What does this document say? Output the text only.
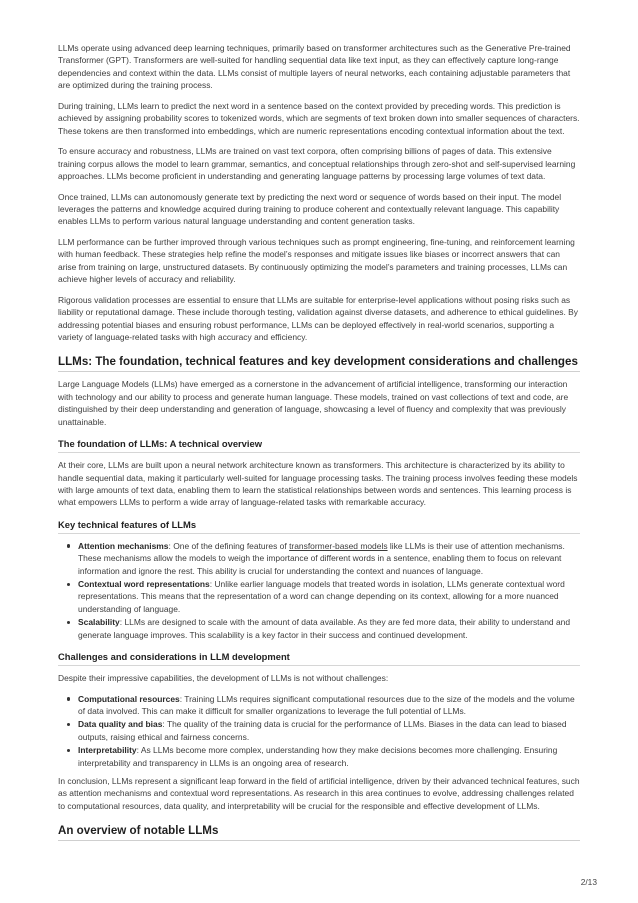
LLMs operate using advanced deep learning techniques, primarily based on transformer architectures such as the Generative Pre-trained Transformer (GPT). Transformers are well-suited for handling sequential data like text input, as they can effectively capture long-range dependencies and context within the data. LLMs consist of multiple layers of neural networks, each containing adjustable parameters that are optimized during the training process.

During training, LLMs learn to predict the next word in a sentence based on the context provided by preceding words. This prediction is achieved by assigning probability scores to tokenized words, which are segments of text broken down into smaller sequences of characters. These tokens are then transformed into embeddings, which are numeric representations encoding contextual information about the text.

To ensure accuracy and robustness, LLMs are trained on vast text corpora, often comprising billions of pages of data. This extensive training corpus allows the model to learn grammar, semantics, and conceptual relationships through zero-shot and self-supervised learning approaches. LLMs become proficient in understanding and generating language patterns by processing large volumes of text data.

Once trained, LLMs can autonomously generate text by predicting the next word or sequence of words based on their input. The model leverages the patterns and knowledge acquired during training to produce coherent and contextually relevant language. This capability enables LLMs to perform various natural language understanding and content generation tasks.

LLM performance can be further improved through various techniques such as prompt engineering, fine-tuning, and reinforcement learning with human feedback. These strategies help refine the model’s responses and mitigate issues like biases or incorrect answers that can arise from training on large, unstructured datasets. By continuously optimizing the model’s parameters and training processes, LLMs can achieve higher levels of accuracy and reliability.

Rigorous validation processes are essential to ensure that LLMs are suitable for enterprise-level applications without posing risks such as liability or reputational damage. These include thorough testing, validation against diverse datasets, and adherence to ethical guidelines. By addressing potential biases and ensuring robust performance, LLMs can be deployed effectively in real-world scenarios, supporting a variety of language-related tasks with high accuracy and efficiency.

LLMs: The foundation, technical features and key development considerations and challenges

Large Language Models (LLMs) have emerged as a cornerstone in the advancement of artificial intelligence, transforming our interaction with technology and our ability to process and generate human language. These models, trained on vast collections of text and code, are distinguished by their deep understanding and generation of language, showcasing a level of fluency and complexity that was previously unattainable.

The foundation of LLMs: A technical overview

At their core, LLMs are built upon a neural network architecture known as transformers. This architecture is characterized by its ability to handle sequential data, making it particularly well-suited for language processing tasks. The training process involves feeding these models with large amounts of text data, enabling them to learn the statistical relationships between words and sentences. This learning process is what empowers LLMs to perform a wide array of language-related tasks with remarkable accuracy.

Key technical features of LLMs
Attention mechanisms: One of the defining features of transformer-based models like LLMs is their use of attention mechanisms. These mechanisms allow the models to weigh the importance of different words in a sentence, enabling them to focus on relevant information and ignore the rest. This ability is crucial for understanding the context and nuances of language.
Contextual word representations: Unlike earlier language models that treated words in isolation, LLMs generate contextual word representations. This means that the representation of a word can change depending on its context, allowing for a more nuanced understanding of language.
Scalability: LLMs are designed to scale with the amount of data available. As they are fed more data, their ability to understand and generate language improves. This scalability is a key factor in their success and continued development.
Challenges and considerations in LLM development

Despite their impressive capabilities, the development of LLMs is not without challenges:

Computational resources: Training LLMs requires significant computational resources due to the size of the models and the volume of data involved. This can make it difficult for smaller organizations to leverage the full potential of LLMs.
Data quality and bias: The quality of the training data is crucial for the performance of LLMs. Biases in the data can lead to biased outputs, raising ethical and fairness concerns.
Interpretability: As LLMs become more complex, understanding how they make decisions becomes more challenging. Ensuring interpretability and transparency in LLMs is an ongoing area of research.

In conclusion, LLMs represent a significant leap forward in the field of artificial intelligence, driven by their advanced technical features, such as attention mechanisms and contextual word representations. As research in this area continues to evolve, addressing challenges related to computational resources, data quality, and interpretability will be crucial for the responsible and effective development of LLMs.

An overview of notable LLMs
2/13
